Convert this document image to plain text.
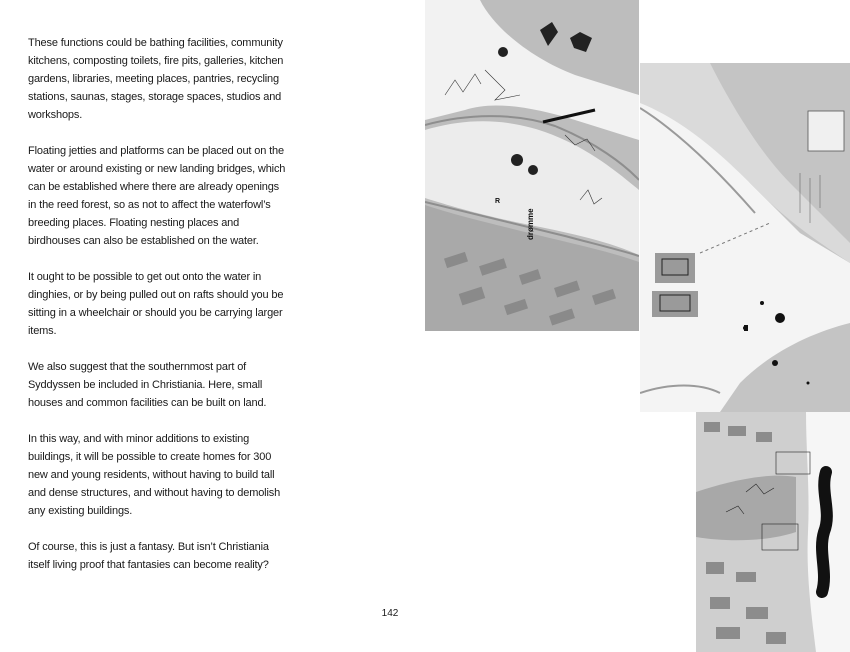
These functions could be bathing facilities, community kitchens, composting toilets, fire pits, galleries, kitchen gardens, libraries, meeting places, pantries, recycling stations, saunas, stages, storage spaces, studios and workshops.

Floating jetties and platforms can be placed out on the water or around existing or new landing bridges, which can be established where there are already openings in the reed forest, so as not to affect the waterfowl’s breeding places. Floating nesting places and birdhouses can also be established on the water.

It ought to be possible to get out onto the water in dinghies, or by being pulled out on rafts should you be sitting in a wheelchair or should you be carrying larger items.

We also suggest that the southernmost part of Syddyssen be included in Christiania. Here, small houses and common facilities can be built on land.

In this way, and with minor additions to existing buildings, it will be possible to create homes for 300 new and young residents, without having to build tall and dense structures, and without having to demolish any existing buildings.

Of course, this is just a fantasy. But isn’t Christiania itself living proof that fantasies can become reality?

142
drømme
R
